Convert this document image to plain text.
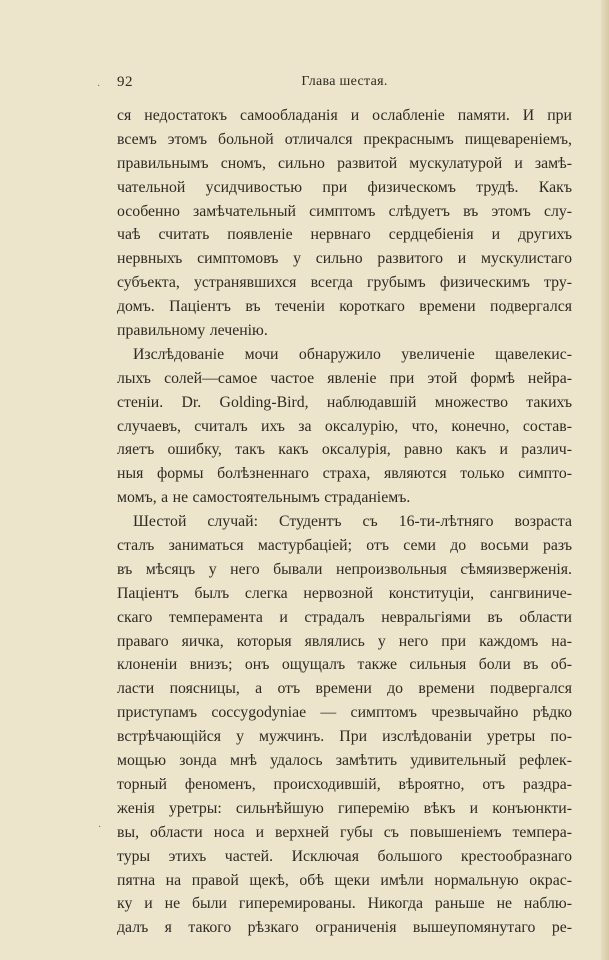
92	Глава шестая.
·
·
ся недостатокъ самообладанія и ослабленіе памяти. И при
всемъ этомъ больной отличался прекраснымъ пищевареніемъ,
правильнымъ сномъ, сильно развитой мускулатурой и замѣ-
чательной усидчивостью при физическомъ трудѣ. Какъ
особенно замѣчательный симптомъ слѣдуетъ въ этомъ слу-
чаѣ считать появленіе нервнаго сердцебіенія и другихъ
нервныхъ симптомовъ у сильно развитого и мускулистаго
субъекта, устранявшихся всегда грубымъ физическимъ тру-
домъ. Паціентъ въ теченіи короткаго времени подвергался
правильному леченію.
Изслѣдованіе мочи обнаружило увеличеніе щавелекис-
лыхъ солей—самое частое явленіе при этой формѣ нейра-
стеніи. Dr. Golding-Bird, наблюдавшій множество такихъ
случаевъ, считалъ ихъ за оксалурію, что, конечно, состав-
ляетъ ошибку, такъ какъ оксалурія, равно какъ и различ-
ныя формы болѣзненнаго страха, являются только симпто-
момъ, а не самостоятельнымъ страданіемъ.
Шестой случай: Студентъ съ 16-ти-лѣтняго возраста
сталъ заниматься мастурбаціей; отъ семи до восьми разъ
въ мѣсяцъ у него бывали непроизвольныя сѣмяизверженія.
Паціентъ былъ слегка нервозной конституціи, сангвиниче-
скаго темперамента и страдалъ невральгіями въ области
праваго яичка, которыя являлись у него при каждомъ на-
клоненіи внизъ; онъ ощущалъ также сильныя боли въ об-
ласти поясницы, а отъ времени до времени подвергался
приступамъ coccygodyniae — симптомъ чрезвычайно рѣдко
встрѣчающійся у мужчинъ. При изслѣдованіи уретры по-
мощью зонда мнѣ удалось замѣтить удивительный рефлек-
торный феноменъ, происходившій, вѣроятно, отъ раздра-
женія уретры: сильнѣйшую гиперемію вѣкъ и конъюнкти-
вы, области носа и верхней губы съ повышеніемъ темпера-
туры этихъ частей. Исключая большого крестообразнаго
пятна на правой щекѣ, обѣ щеки имѣли нормальную окрас-
ку и не были гиперемированы. Никогда раньше не наблю-
далъ я такого рѣзкаго ограниченія вышеупомянутаго ре-
